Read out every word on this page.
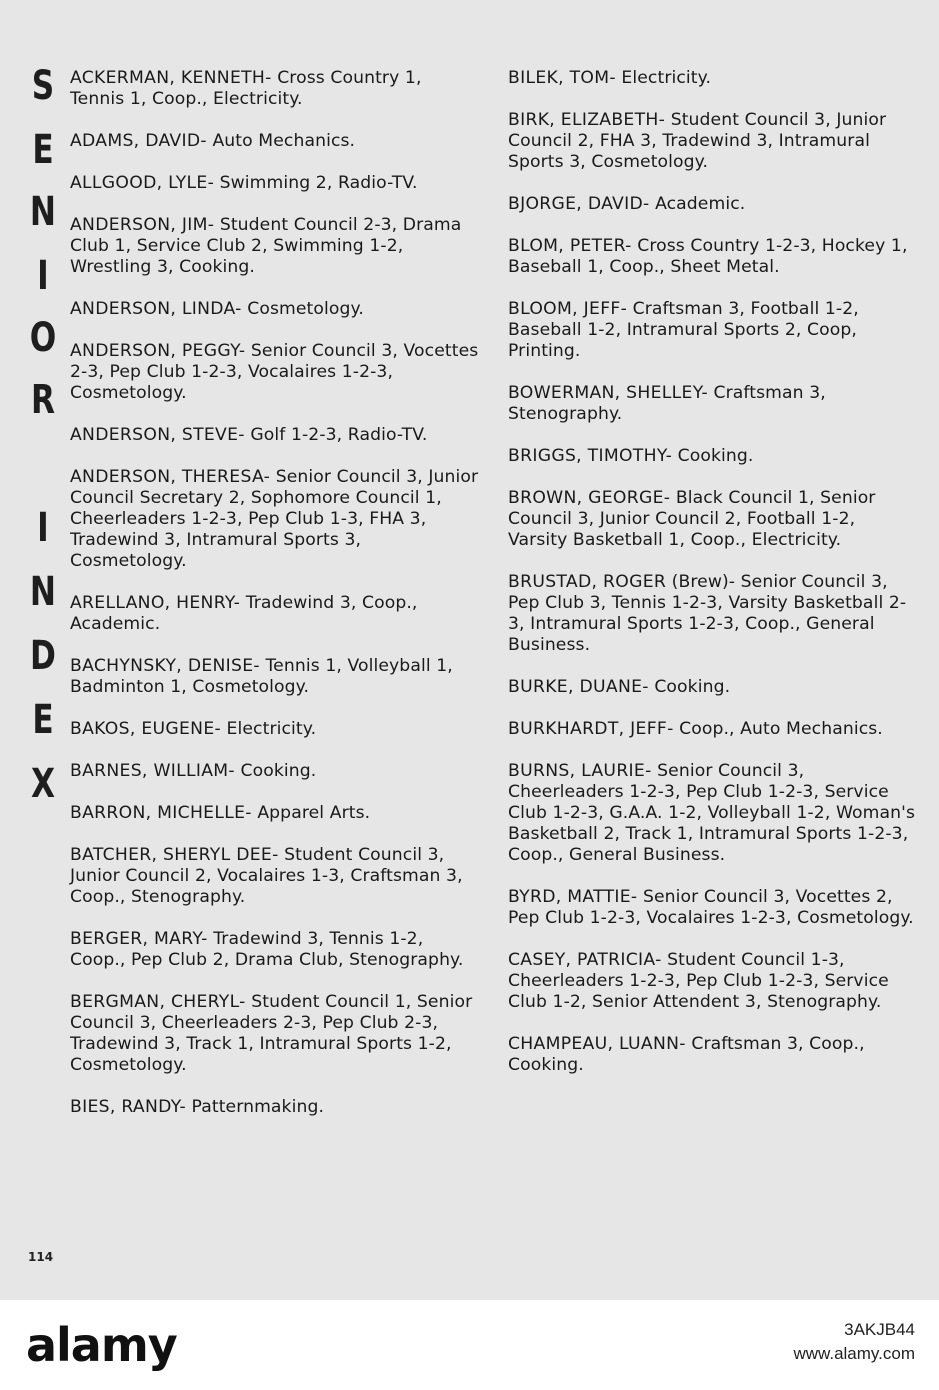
S
E
N
I
O
R
I
N
D
E
X
ACKERMAN, KENNETH- Cross Country 1, Tennis 1, Coop., Electricity.
ADAMS, DAVID- Auto Mechanics.
ALLGOOD, LYLE- Swimming 2, Radio-TV.
ANDERSON, JIM- Student Council 2-3, Drama Club 1, Service Club 2, Swimming 1-2, Wrestling 3, Cooking.
ANDERSON, LINDA- Cosmetology.
ANDERSON, PEGGY- Senior Council 3, Vocettes 2-3, Pep Club 1-2-3, Vocalaires 1-2-3, Cosmetology.
ANDERSON, STEVE- Golf 1-2-3, Radio-TV.
ANDERSON, THERESA- Senior Council 3, Junior Council Secretary 2, Sophomore Council 1, Cheerleaders 1-2-3, Pep Club 1-3, FHA 3, Tradewind 3, Intramural Sports 3, Cosmetology.
ARELLANO, HENRY- Tradewind 3, Coop., Academic.
BACHYNSKY, DENISE- Tennis 1, Volleyball 1, Badminton 1, Cosmetology.
BAKOS, EUGENE- Electricity.
BARNES, WILLIAM- Cooking.
BARRON, MICHELLE- Apparel Arts.
BATCHER, SHERYL DEE- Student Council 3, Junior Council 2, Vocalaires 1-3, Craftsman 3, Coop., Stenography.
BERGER, MARY- Tradewind 3, Tennis 1-2, Coop., Pep Club 2, Drama Club, Stenography.
BERGMAN, CHERYL- Student Council 1, Senior Council 3, Cheerleaders 2-3, Pep Club 2-3, Tradewind 3, Track 1, Intramural Sports 1-2, Cosmetology.
BIES, RANDY- Patternmaking.
BILEK, TOM- Electricity.
BIRK, ELIZABETH- Student Council 3, Junior Council 2, FHA 3, Tradewind 3, Intramural Sports 3, Cosmetology.
BJORGE, DAVID- Academic.
BLOM, PETER- Cross Country 1-2-3, Hockey 1, Baseball 1, Coop., Sheet Metal.
BLOOM, JEFF- Craftsman 3, Football 1-2, Baseball 1-2, Intramural Sports 2, Coop, Printing.
BOWERMAN, SHELLEY- Craftsman 3, Stenography.
BRIGGS, TIMOTHY- Cooking.
BROWN, GEORGE- Black Council 1, Senior Council 3, Junior Council 2, Football 1-2, Varsity Basketball 1, Coop., Electricity.
BRUSTAD, ROGER (Brew)- Senior Council 3, Pep Club 3, Tennis 1-2-3, Varsity Basketball 2-3, Intramural Sports 1-2-3, Coop., General Business.
BURKE, DUANE- Cooking.
BURKHARDT, JEFF- Coop., Auto Mechanics.
BURNS, LAURIE- Senior Council 3, Cheerleaders 1-2-3, Pep Club 1-2-3, Service Club 1-2-3, G.A.A. 1-2, Volleyball 1-2, Woman's Basketball 2, Track 1, Intramural Sports 1-2-3, Coop., General Business.
BYRD, MATTIE- Senior Council 3, Vocettes 2, Pep Club 1-2-3, Vocalaires 1-2-3, Cosmetology.
CASEY, PATRICIA- Student Council 1-3, Cheerleaders 1-2-3, Pep Club 1-2-3, Service Club 1-2, Senior Attendent 3, Stenography.
CHAMPEAU, LUANN- Craftsman 3, Coop., Cooking.
114
alamy	3AKJB44
www.alamy.com
